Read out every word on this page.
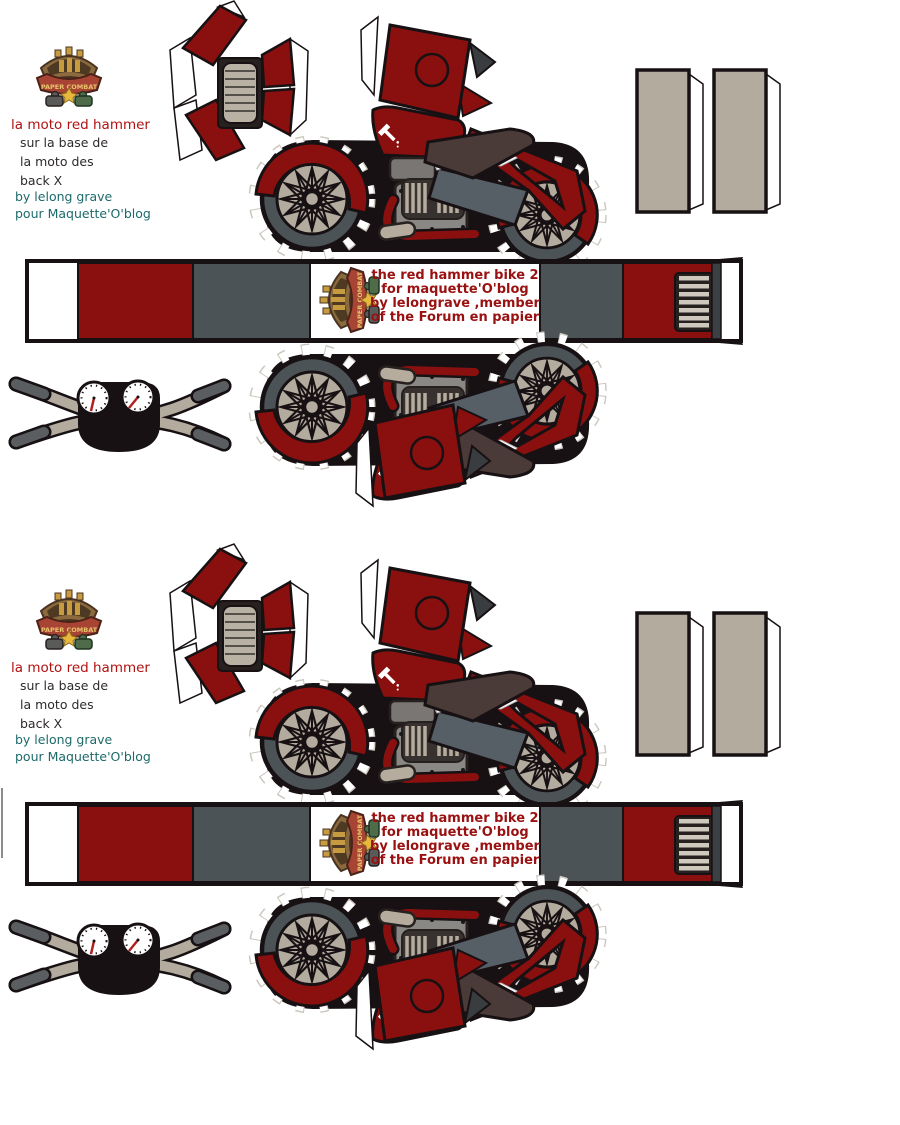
PAPER COMBAT
la moto red hammer
sur la base de
la moto des
back X
by lelong grave
pour Maquette'O'blog
the red hammer bike 2
for maquette'O'blog
by lelongrave ,member
of the Forum en papier
la moto red hammer
sur la base de
la moto des
back X
by lelong grave
pour Maquette'O'blog
the red hammer bike 2
for maquette'O'blog
by lelongrave ,member
of the Forum en papier
